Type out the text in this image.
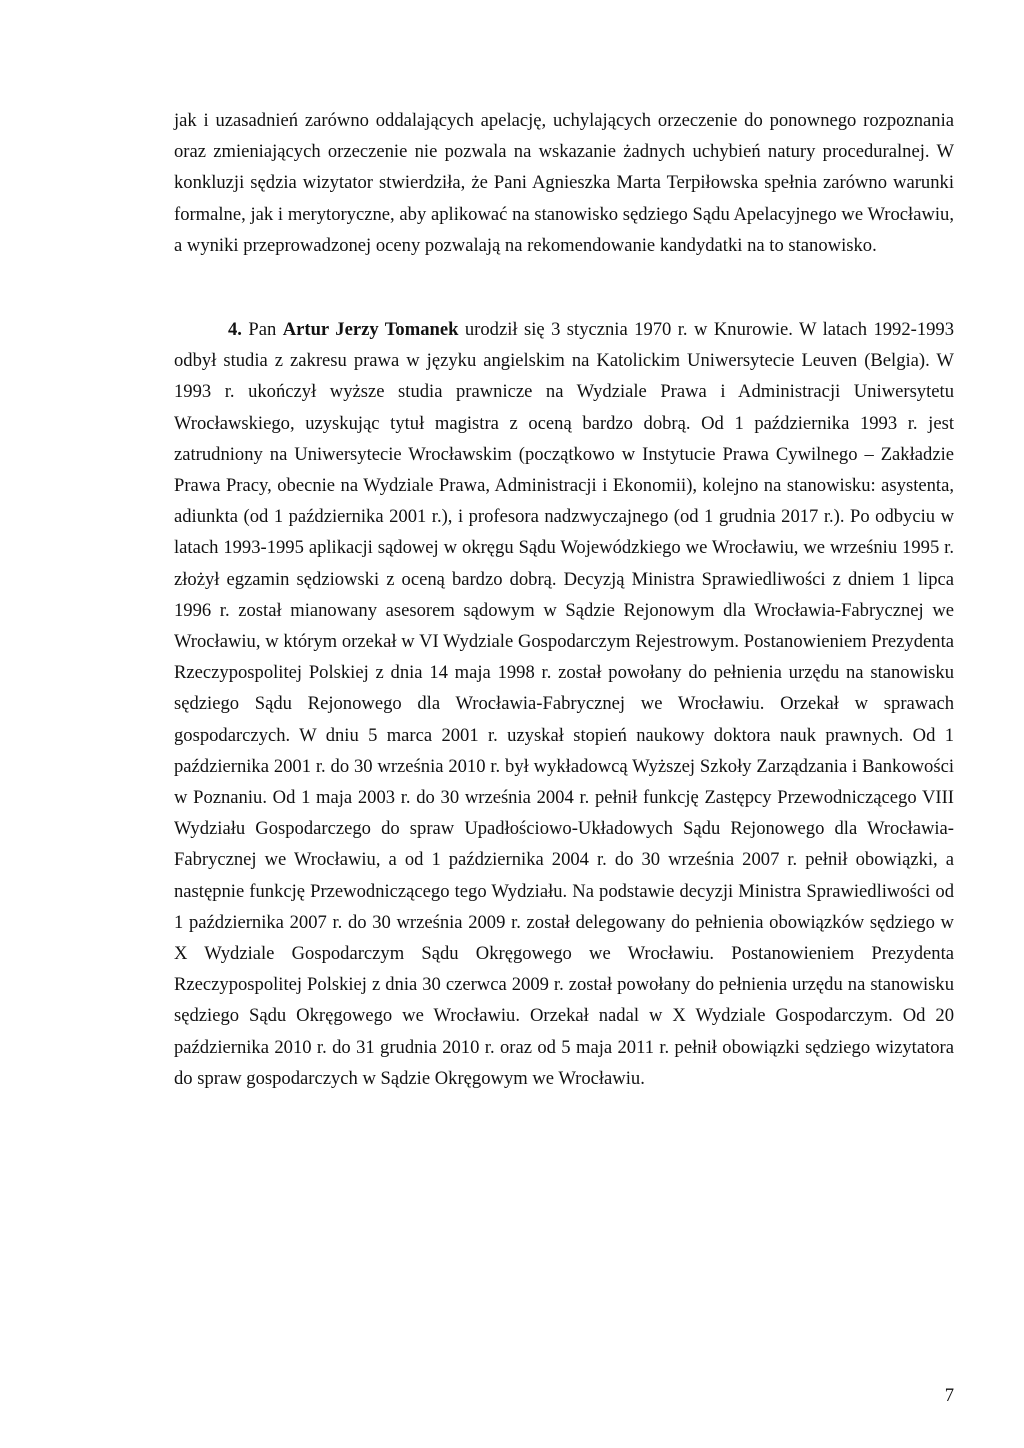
jak i uzasadnień zarówno oddalających apelację, uchylających orzeczenie do ponownego rozpoznania oraz zmieniających orzeczenie nie pozwala na wskazanie żadnych uchybień natury proceduralnej. W konkluzji sędzia wizytator stwierdziła, że Pani Agnieszka Marta Terpiłowska spełnia zarówno warunki formalne, jak i merytoryczne, aby aplikować na stanowisko sędziego Sądu Apelacyjnego we Wrocławiu, a wyniki przeprowadzonej oceny pozwalają na rekomendowanie kandydatki na to stanowisko.

4. Pan Artur Jerzy Tomanek urodził się 3 stycznia 1970 r. w Knurowie. W latach 1992-1993 odbył studia z zakresu prawa w języku angielskim na Katolickim Uniwersytecie Leuven (Belgia). W 1993 r. ukończył wyższe studia prawnicze na Wydziale Prawa i Administracji Uniwersytetu Wrocławskiego, uzyskując tytuł magistra z oceną bardzo dobrą. Od 1 października 1993 r. jest zatrudniony na Uniwersytecie Wrocławskim (początkowo w Instytucie Prawa Cywilnego – Zakładzie Prawa Pracy, obecnie na Wydziale Prawa, Administracji i Ekonomii), kolejno na stanowisku: asystenta, adiunkta (od 1 października 2001 r.), i profesora nadzwyczajnego (od 1 grudnia 2017 r.). Po odbyciu w latach 1993-1995 aplikacji sądowej w okręgu Sądu Wojewódzkiego we Wrocławiu, we wrześniu 1995 r. złożył egzamin sędziowski z oceną bardzo dobrą. Decyzją Ministra Sprawiedliwości z dniem 1 lipca 1996 r. został mianowany asesorem sądowym w Sądzie Rejonowym dla Wrocławia-Fabrycznej we Wrocławiu, w którym orzekał w VI Wydziale Gospodarczym Rejestrowym. Postanowieniem Prezydenta Rzeczypospolitej Polskiej z dnia 14 maja 1998 r. został powołany do pełnienia urzędu na stanowisku sędziego Sądu Rejonowego dla Wrocławia-Fabrycznej we Wrocławiu. Orzekał w sprawach gospodarczych. W dniu 5 marca 2001 r. uzyskał stopień naukowy doktora nauk prawnych. Od 1 października 2001 r. do 30 września 2010 r. był wykładowcą Wyższej Szkoły Zarządzania i Bankowości w Poznaniu. Od 1 maja 2003 r. do 30 września 2004 r. pełnił funkcję Zastępcy Przewodniczącego VIII Wydziału Gospodarczego do spraw Upadłościowo-Układowych Sądu Rejonowego dla Wrocławia-Fabrycznej we Wrocławiu, a od 1 października 2004 r. do 30 września 2007 r. pełnił obowiązki, a następnie funkcję Przewodniczącego tego Wydziału. Na podstawie decyzji Ministra Sprawiedliwości od 1 października 2007 r. do 30 września 2009 r. został delegowany do pełnienia obowiązków sędziego w X Wydziale Gospodarczym Sądu Okręgowego we Wrocławiu. Postanowieniem Prezydenta Rzeczypospolitej Polskiej z dnia 30 czerwca 2009 r. został powołany do pełnienia urzędu na stanowisku sędziego Sądu Okręgowego we Wrocławiu. Orzekał nadal w X Wydziale Gospodarczym. Od 20 października 2010 r. do 31 grudnia 2010 r. oraz od 5 maja 2011 r. pełnił obowiązki sędziego wizytatora do spraw gospodarczych w Sądzie Okręgowym we Wrocławiu.

7
